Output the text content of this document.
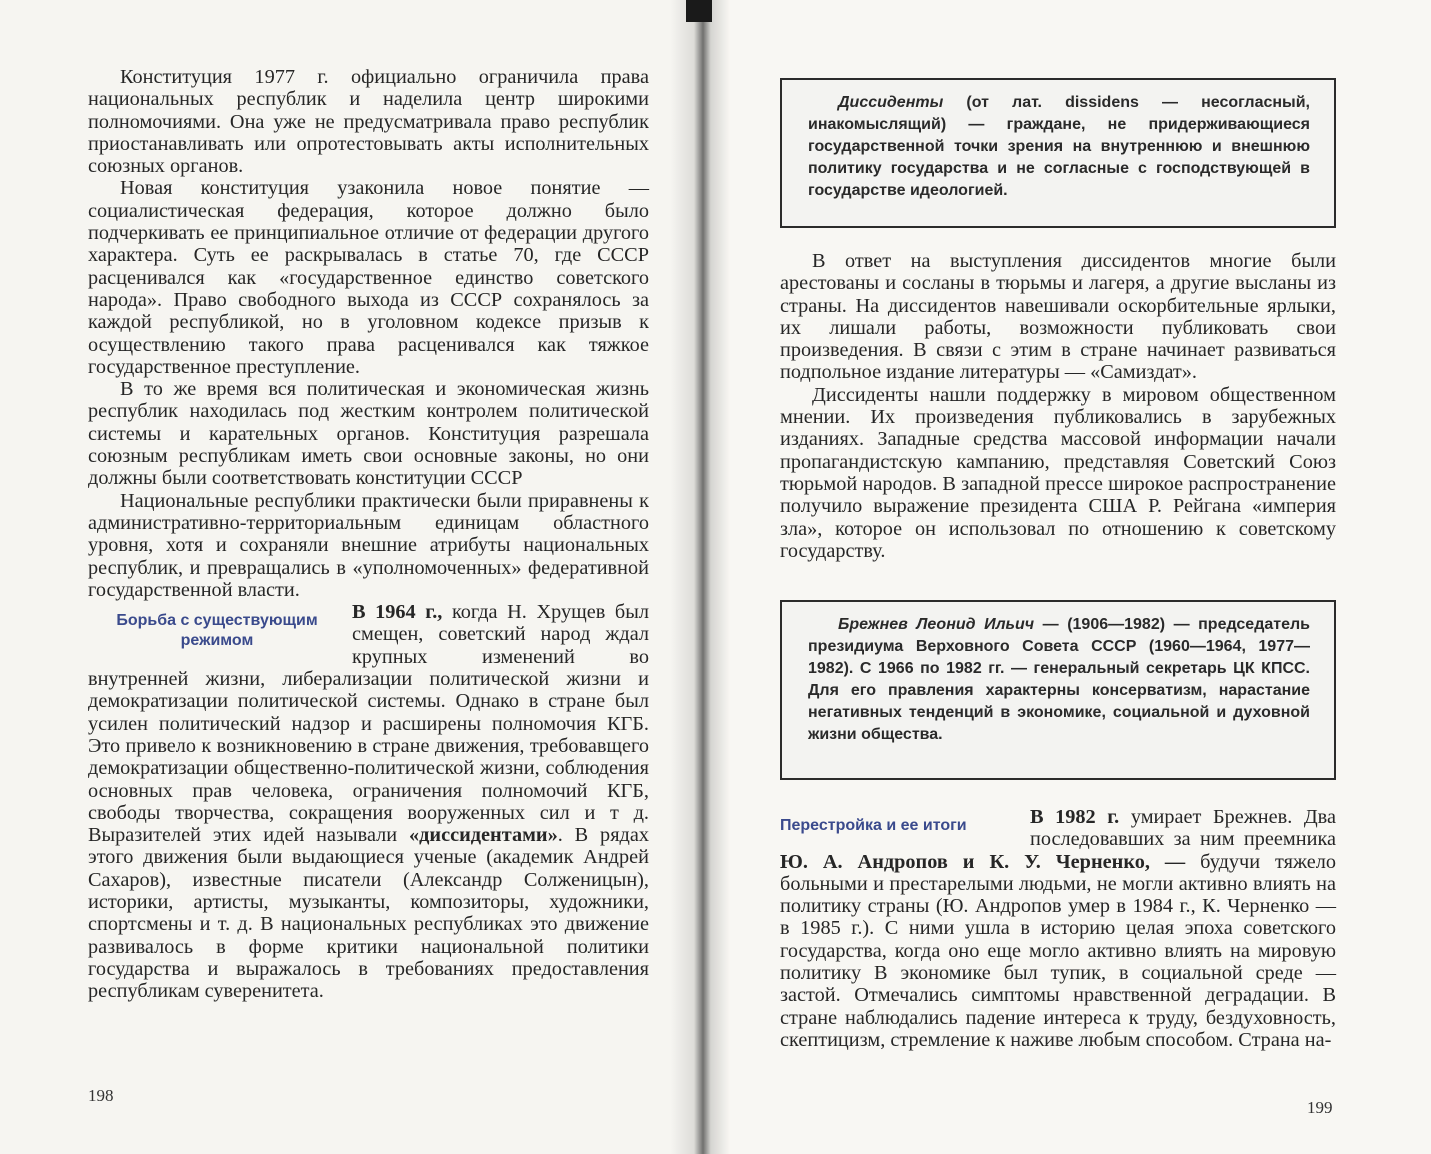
Конституция 1977 г. официально ограничила права национальных республик и наделила центр широкими полномочиями. Она уже не предусматривала право республик приостанавливать или опротестовывать акты исполнительных союзных органов.

Новая конституция узаконила новое понятие — социалистическая федерация, которое должно было подчеркивать ее принципиальное отличие от федерации другого характера. Суть ее раскрывалась в статье 70, где СССР расценивался как «государственное единство советского народа». Право свободного выхода из СССР сохранялось за каждой республикой, но в уголовном кодексе призыв к осуществлению такого права расценивался как тяжкое государственное преступление.

В то же время вся политическая и экономическая жизнь республик находилась под жестким контролем политической системы и карательных органов. Конституция разрешала союзным республикам иметь свои основные законы, но они должны были соответствовать конституции СССР

Национальные республики практически были приравнены к административно-территориальным единицам областного уровня, хотя и сохраняли внешние атрибуты национальных республик, и превращались в «уполномоченных» федеративной государственной власти.

Борьба с существующим режимом

В 1964 г., когда Н. Хрущев был смещен, советский народ ждал крупных изменений во внутренней жизни, либерализации политической жизни и демократизации политической системы. Однако в стране был усилен политический надзор и расширены полномочия КГБ. Это привело к возникновению в стране движения, требовавщего демократизации общественно-политической жизни, соблюдения основных прав человека, ограничения полномочий КГБ, свободы творчества, сокращения вооруженных сил и т д. Выразителей этих идей называли «диссидентами». В рядах этого движения были выдающиеся ученые (академик Андрей Сахаров), известные писатели (Александр Солженицын), историки, артисты, музыканты, композиторы, художники, спортсмены и т. д. В национальных республиках это движение развивалось в форме критики национальной политики государства и выражалось в требованиях предоставления республикам суверенитета.

198
Диссиденты (от лат. dissidens — несогласный, инакомыслящий) — граждане, не придерживающиеся государственной точки зрения на внутреннюю и внешнюю политику государства и не согласные с господствующей в государстве идеологией.

В ответ на выступления диссидентов многие были арестованы и сосланы в тюрьмы и лагеря, а другие высланы из страны. На диссидентов навешивали оскорбительные ярлыки, их лишали работы, возможности публиковать свои произведения. В связи с этим в стране начинает развиваться подпольное издание литературы — «Самиздат».

Диссиденты нашли поддержку в мировом общественном мнении. Их произведения публиковались в зарубежных изданиях. Западные средства массовой информации начали пропагандистскую кампанию, представляя Советский Союз тюрьмой народов. В западной прессе широкое распространение получило выражение президента США Р. Рейгана «империя зла», которое он использовал по отношению к советскому государству.

Брежнев Леонид Ильич — (1906—1982) — председатель президиума Верховного Совета СССР (1960—1964, 1977—1982). С 1966 по 1982 гг. — генеральный секретарь ЦК КПСС. Для его правления характерны консерватизм, нарастание негативных тенденций в экономике, социальной и духовной жизни общества.
Перестройка и ее итоги	В 1982 г. умирает Брежнев. Два последовавших за ним преемника Ю. А. Андропов и К. У. Черненко, — будучи тяжело больными и престарелыми людьми, не могли активно влиять на политику страны (Ю. Андропов умер в 1984 г., К. Черненко — в 1985 г.). С ними ушла в историю целая эпоха советского государства, когда оно еще могло активно влиять на мировую политику В экономике был тупик, в социальной среде — застой. Отмечались симптомы нравственной деградации. В стране наблюдались падение интереса к труду, бездуховность, скептицизм, стремление к наживе любым способом. Страна на-

199
